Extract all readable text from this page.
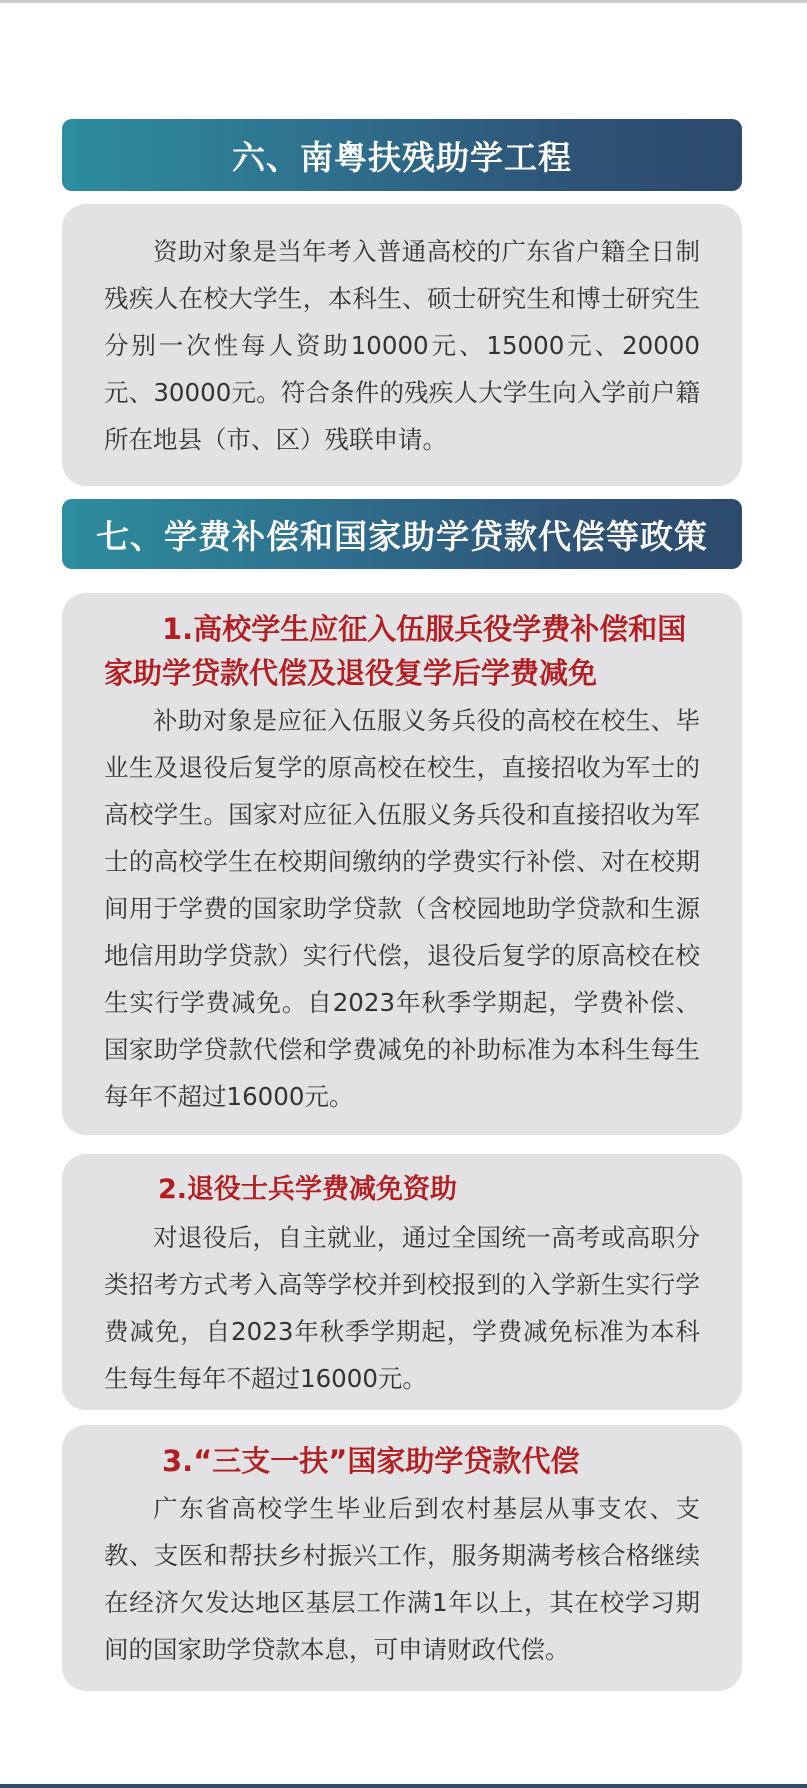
六、南粤扶残助学工程

资助对象是当年考入普通高校的广东省户籍全日制残疾人在校大学生，本科生、硕士研究生和博士研究生分别一次性每人资助10000元、15000元、20000元、30000元。符合条件的残疾人大学生向入学前户籍所在地县（市、区）残联申请。

七、学费补偿和国家助学贷款代偿等政策

1.高校学生应征入伍服兵役学费补偿和国家助学贷款代偿及退役复学后学费减免

补助对象是应征入伍服义务兵役的高校在校生、毕业生及退役后复学的原高校在校生，直接招收为军士的高校学生。国家对应征入伍服义务兵役和直接招收为军士的高校学生在校期间缴纳的学费实行补偿、对在校期间用于学费的国家助学贷款（含校园地助学贷款和生源地信用助学贷款）实行代偿，退役后复学的原高校在校生实行学费减免。自2023年秋季学期起，学费补偿、国家助学贷款代偿和学费减免的补助标准为本科生每生每年不超过16000元。

2.退役士兵学费减免资助

对退役后，自主就业，通过全国统一高考或高职分类招考方式考入高等学校并到校报到的入学新生实行学费减免，自2023年秋季学期起，学费减免标准为本科生每生每年不超过16000元。

3.“三支一扶”国家助学贷款代偿

广东省高校学生毕业后到农村基层从事支农、支教、支医和帮扶乡村振兴工作，服务期满考核合格继续在经济欠发达地区基层工作满1年以上，其在校学习期间的国家助学贷款本息，可申请财政代偿。
